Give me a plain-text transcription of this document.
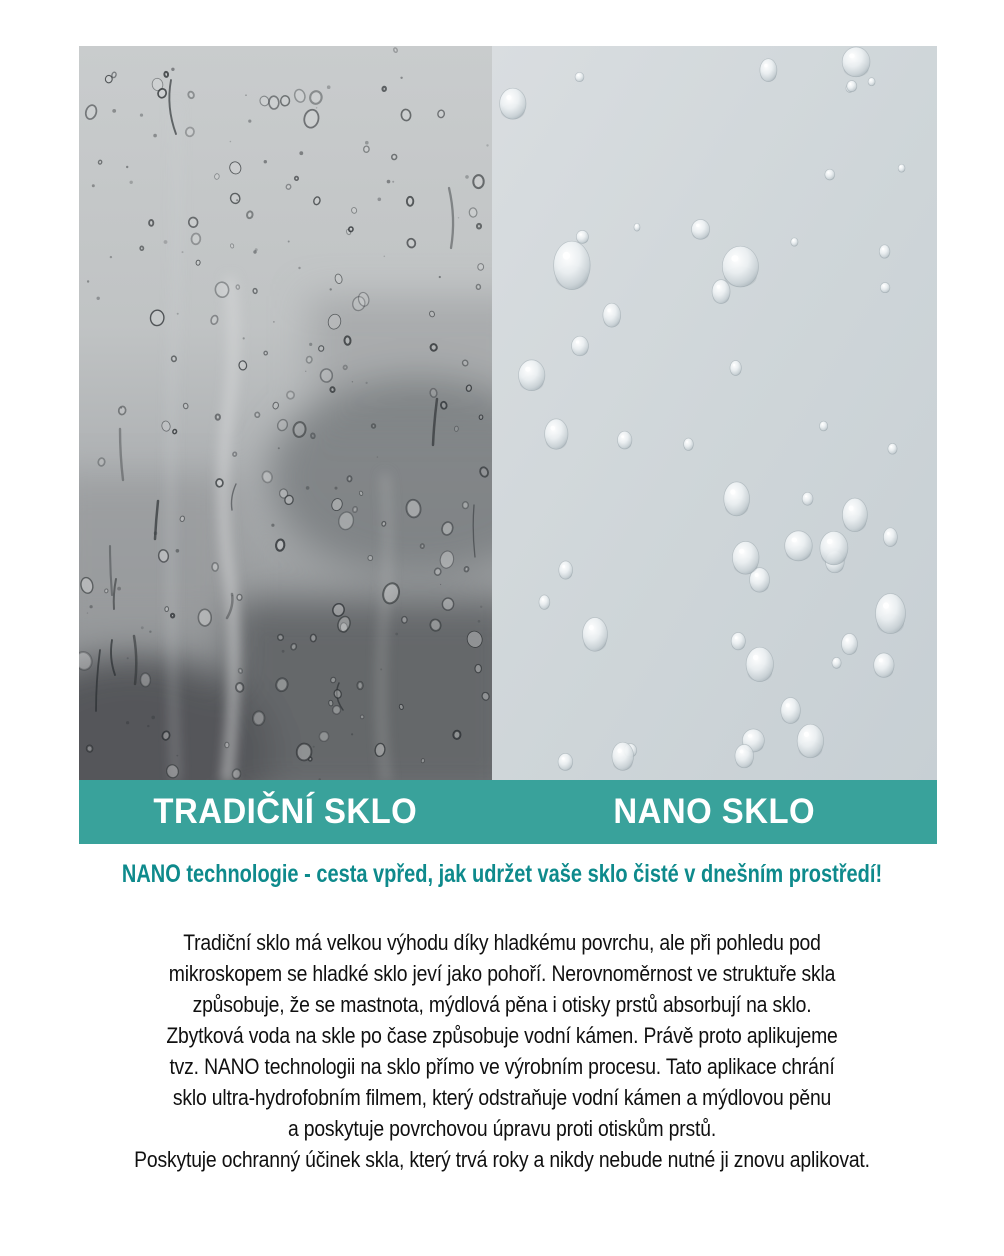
TRADIČNÍ SKLO	NANO SKLO
NANO technologie - cesta vpřed, jak udržet vaše sklo čisté v dnešním prostředí!
Tradiční sklo má velkou výhodu díky hladkému povrchu, ale při pohledu pod
mikroskopem se hladké sklo jeví jako pohoří. Nerovnoměrnost ve struktuře skla
způsobuje, že se mastnota, mýdlová pěna i otisky prstů absorbují na sklo.
Zbytková voda na skle po čase způsobuje vodní kámen. Právě proto aplikujeme
tvz. NANO technologii na sklo přímo ve výrobním procesu. Tato aplikace chrání
sklo ultra-hydrofobním filmem, který odstraňuje vodní kámen a mýdlovou pěnu
a poskytuje povrchovou úpravu proti otiskům prstů.
Poskytuje ochranný účinek skla, který trvá roky a nikdy nebude nutné ji znovu aplikovat.
